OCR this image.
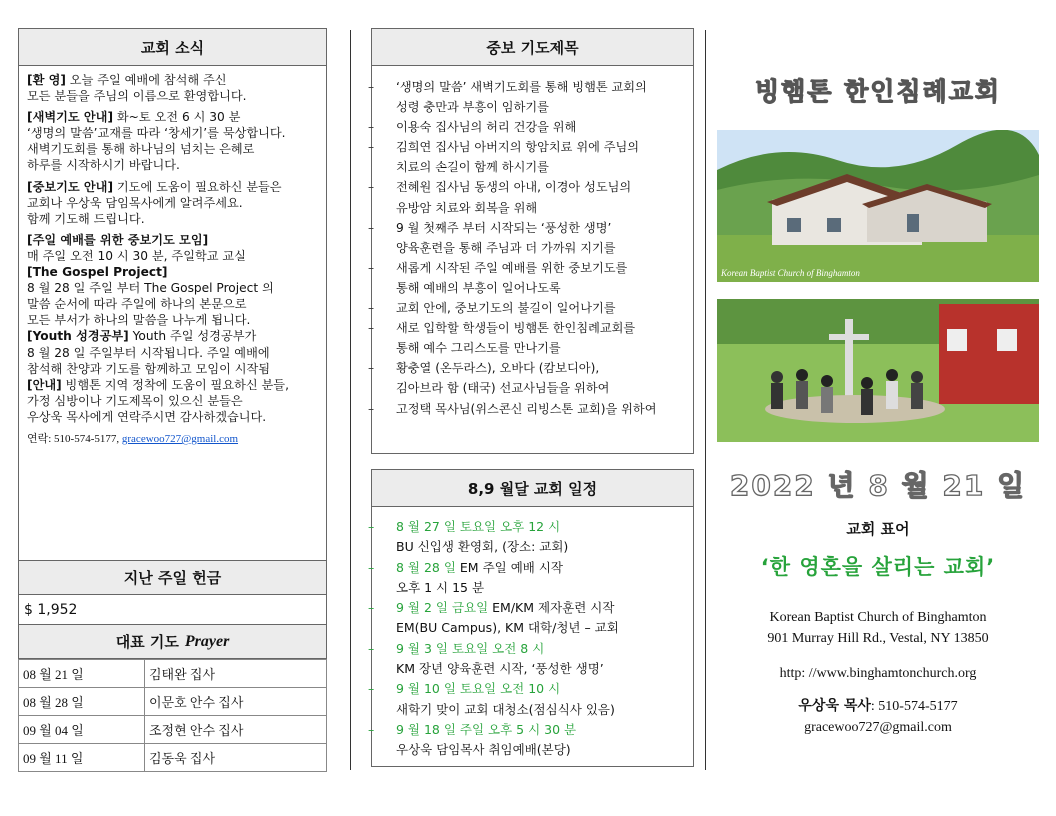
교회 소식
[환 영] 오늘 주일 예배에 참석해 주신
모든 분들을 주님의 이름으로 환영합니다.
[새벽기도 안내] 화~토 오전 6 시 30 분
‘생명의 말씀’교재를 따라 ‘창세기’를 묵상합니다.
새벽기도회를 통해 하나님의 넘치는 은혜로
하루를 시작하시기 바랍니다.
[중보기도 안내] 기도에 도움이 필요하신 분들은
교회나 우상욱 담임목사에게 알려주세요.
함께 기도해 드립니다.
[주일 예배를 위한 중보기도 모임]
매 주일 오전 10 시 30 분, 주일학교 교실
[The Gospel Project]
8 월 28 일 주일 부터 The Gospel Project 의
말씀 순서에 따라 주일에 하나의 본문으로
모든 부서가 하나의 말씀을 나누게 됩니다.
[Youth 성경공부] Youth 주일 성경공부가
8 월 28 일 주일부터 시작됩니다. 주일 예배에
참석해 찬양과 기도를 함께하고 모임이 시작됨
[안내] 빙햄톤 지역 정착에 도움이 필요하신 분들,
가정 심방이나 기도제목이 있으신 분들은
우상욱 목사에게 연락주시면 감사하겠습니다.
연락: 510-574-5177, gracewoo727@gmail.com
지난 주일 헌금
$ 1,952
대표 기도 Prayer
08 월 21 일	김태완 집사
08 월 28 일	이문호 안수 집사
09 월 04 일	조정현 안수 집사
09 월 11 일	김동욱 집사
중보 기도제목
– ‘생명의 말씀’ 새벽기도회를 통해 빙햄톤 교회의
성령 충만과 부흥이 임하기를
– 이용숙 집사님의 허리 건강을 위해
– 김희연 집사님 아버지의 항암치료 위에 주님의
치료의 손길이 함께 하시기를
– 전혜원 집사님 동생의 아내, 이경아 성도님의
유방암 치료와 회복을 위해
– 9 월 첫째주 부터 시작되는 ‘풍성한 생명’
양육훈련을 통해 주님과 더 가까워 지기를
– 새롭게 시작된 주일 예배를 위한 중보기도를
통해 예배의 부흥이 일어나도록
– 교회 안에, 중보기도의 불길이 일어나기를
– 새로 입학할 학생들이 빙햄톤 한인침례교회를
통해 예수 그리스도를 만나기를
– 황충열 (온두라스), 오바다 (캄보디아),
김아브라 함 (태국) 선교사님들을 위하여
– 고정택 목사님(위스콘신 리빙스톤 교회)을 위하여
8,9 월달 교회 일정
– 8 월 27 일 토요일 오후 12 시
BU 신입생 환영회, (장소: 교회)
– 8 월 28 일 EM 주일 예배 시작
오후 1 시 15 분
– 9 월 2 일 금요일 EM/KM 제자훈련 시작
EM(BU Campus), KM 대학/청년 – 교회
– 9 월 3 일 토요일 오전 8 시
KM 장년 양육훈련 시작, ‘풍성한 생명’
– 9 월 10 일 토요일 오전 10 시
새학기 맞이 교회 대청소(점심식사 있음)
– 9 월 18 일 주일 오후 5 시 30 분
우상욱 담임목사 취임예배(본당)
빙햄톤 한인침례교회
Korean Baptist Church of Binghamton
2022 년 8 월 21 일
교회 표어
‘한 영혼을 살리는 교회’
Korean Baptist Church of Binghamton
901 Murray Hill Rd., Vestal, NY 13850
http: //www.binghamtonchurch.org
우상욱 목사: 510-574-5177
gracewoo727@gmail.com
